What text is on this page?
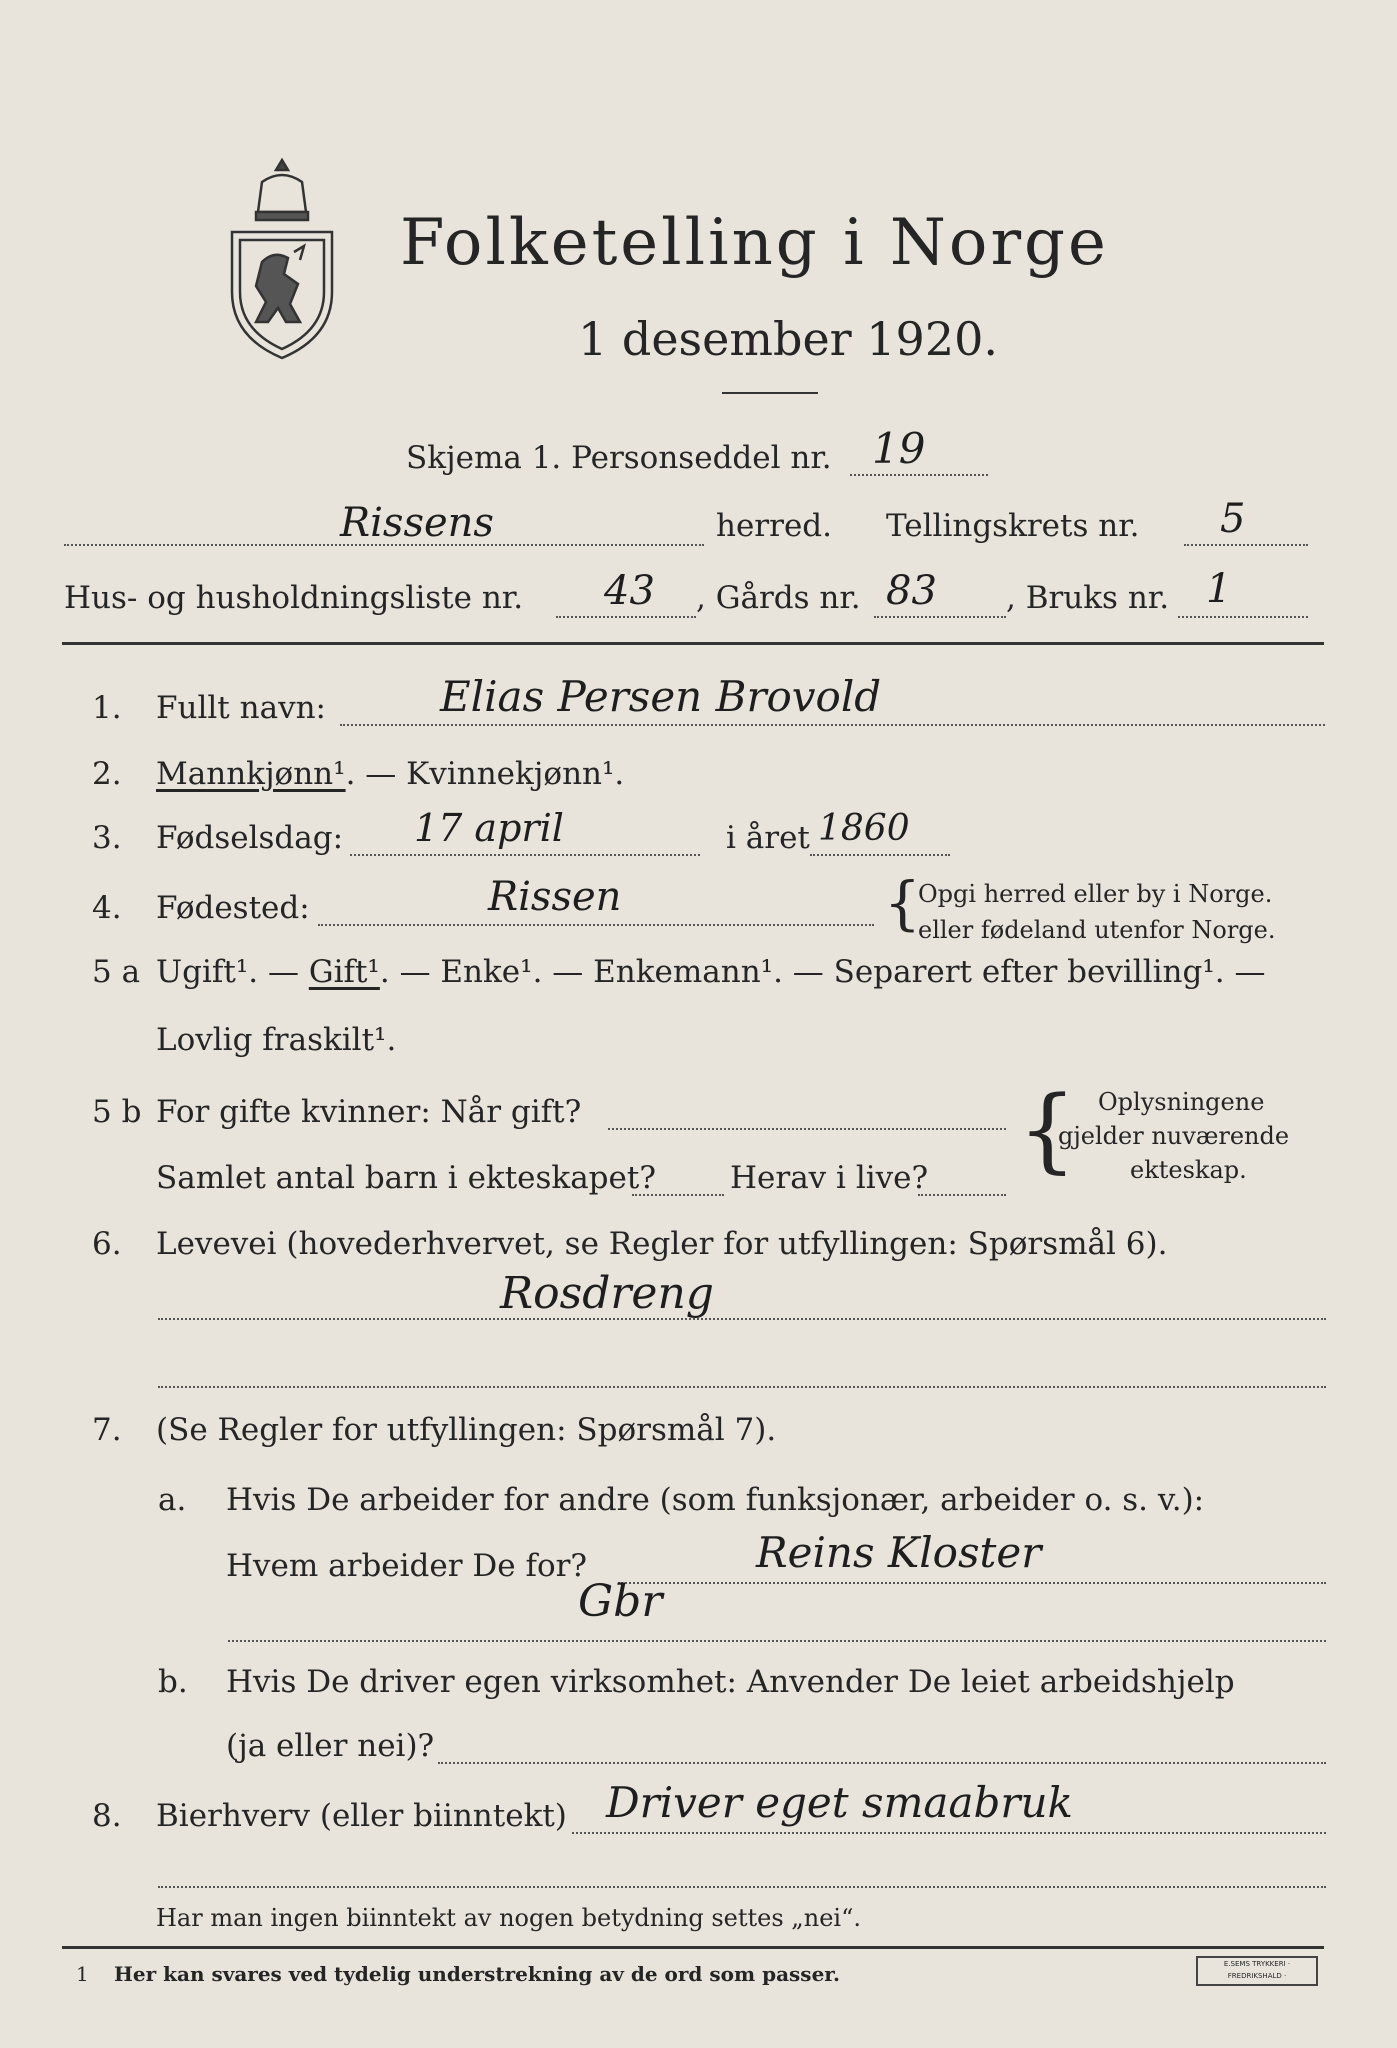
Folketelling i Norge
1 desember 1920.
Skjema 1. Personseddel nr. 19
Rissens	herred. Tellingskrets nr. 5
Hus- og husholdningsliste nr. 43 , Gårds nr. 83 , Bruks nr. 1
1. Fullt navn:	Elias Persen Brovold
2. Mannkjønn¹. — Kvinnekjønn¹.
3. Fødselsdag: 17 april	i året 1860
4. Fødested:	Rissen	{
Opgi herred eller by i Norge.
eller fødeland utenfor Norge.
5 a Ugift¹. — Gift¹. — Enke¹. — Enkemann¹. — Separert efter bevilling¹. —
Lovlig fraskilt¹.
5 b For gifte kvinner: Når gift?
Samlet antal barn i ekteskapet? Herav i live? { Oplysningene
gjelder nuværende
ekteskap.
6. Levevei (hovederhvervet, se Regler for utfyllingen: Spørsmål 6).
Rosdreng
7. (Se Regler for utfyllingen: Spørsmål 7).
a. Hvis De arbeider for andre (som funksjonær, arbeider o. s. v.):
Hvem arbeider De for?	Reins Kloster
Gbr
b. Hvis De driver egen virksomhet: Anvender De leiet arbeidshjelp
(ja eller nei)?
8. Bierhverv (eller biinntekt) Driver eget smaabruk
Har man ingen biinntekt av nogen betydning settes „nei“.
1 Her kan svares ved tydelig understrekning av de ord som passer.	E.SEMS TRYKKERI · FREDRIKSHALD ·
